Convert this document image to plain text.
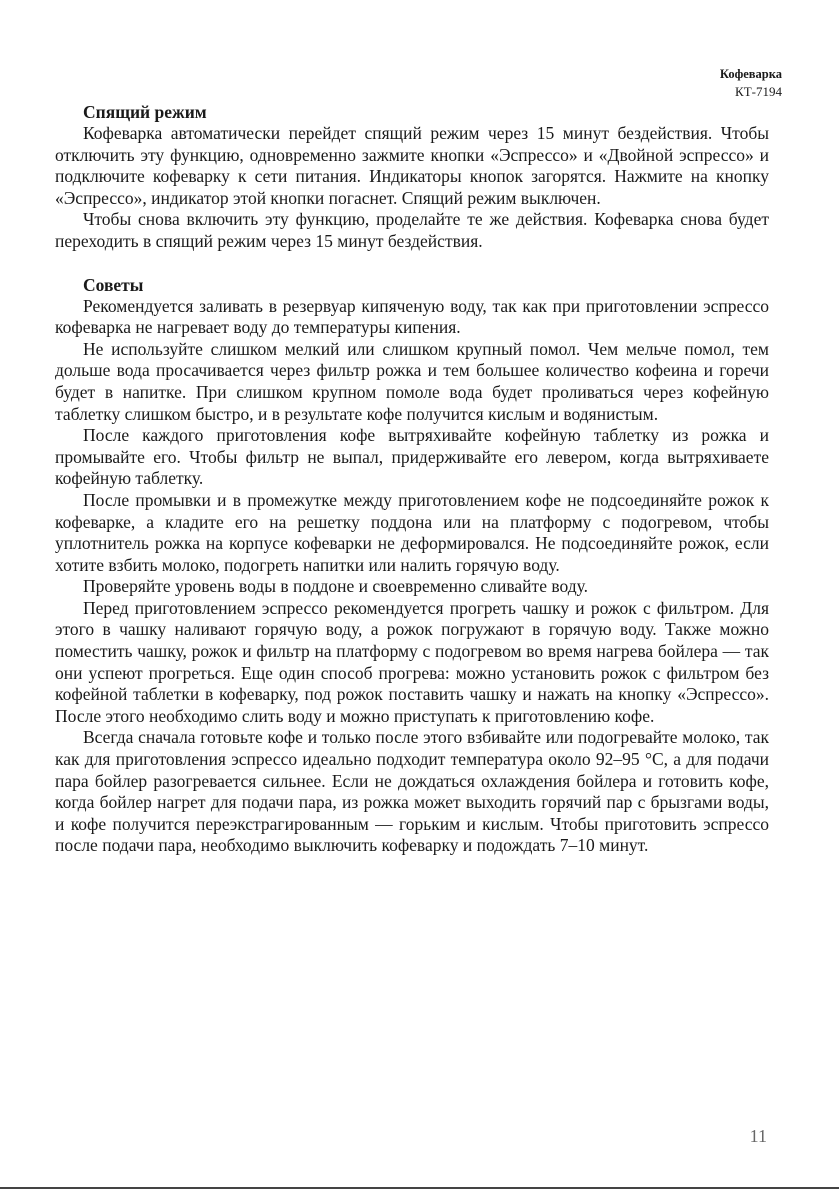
Кофеварка
КТ-7194
Спящий режим

Кофеварка автоматически перейдет спящий режим через 15 минут бездействия. Чтобы отключить эту функцию, одновременно зажмите кнопки «Эспрессо» и «Двойной эспрессо» и подключите кофеварку к сети питания. Индикаторы кнопок загорятся. Нажмите на кнопку «Эспрессо», индикатор этой кнопки погаснет. Спящий режим выключен.

Чтобы снова включить эту функцию, проделайте те же действия. Кофеварка снова будет переходить в спящий режим через 15 минут бездействия.

Советы

Рекомендуется заливать в резервуар кипяченую воду, так как при приготовлении эспрессо кофеварка не нагревает воду до температуры кипения.

Не используйте слишком мелкий или слишком крупный помол. Чем мельче помол, тем дольше вода просачивается через фильтр рожка и тем большее количество кофеина и горечи будет в напитке. При слишком крупном помоле вода будет проливаться через кофейную таблетку слишком быстро, и в результате кофе получится кислым и водянистым.

После каждого приготовления кофе вытряхивайте кофейную таблетку из рожка и промывайте его. Чтобы фильтр не выпал, придерживайте его левером, когда вытряхиваете кофейную таблетку.

После промывки и в промежутке между приготовлением кофе не подсоединяйте рожок к кофеварке, а кладите его на решетку поддона или на платформу с подогревом, чтобы уплотнитель рожка на корпусе кофеварки не деформировался. Не подсоединяйте рожок, если хотите взбить молоко, подогреть напитки или налить горячую воду.

Проверяйте уровень воды в поддоне и своевременно сливайте воду.

Перед приготовлением эспрессо рекомендуется прогреть чашку и рожок с фильтром. Для этого в чашку наливают горячую воду, а рожок погружают в горячую воду. Также можно поместить чашку, рожок и фильтр на платформу с подогревом во время нагрева бойлера — так они успеют прогреться. Еще один способ прогрева: можно установить рожок с фильтром без кофейной таблетки в кофеварку, под рожок поставить чашку и нажать на кнопку «Эспрессо». После этого необходимо слить воду и можно приступать к приготовлению кофе.

Всегда сначала готовьте кофе и только после этого взбивайте или подогревайте молоко, так как для приготовления эспрессо идеально подходит температура около 92–95 °С, а для подачи пара бойлер разогревается сильнее. Если не дождаться охлаждения бойлера и готовить кофе, когда бойлер нагрет для подачи пара, из рожка может выходить горячий пар с брызгами воды, и кофе получится переэкстрагированным — горьким и кислым. Чтобы приготовить эспрессо после подачи пара, необходимо выключить кофеварку и подождать 7–10 минут.

11
